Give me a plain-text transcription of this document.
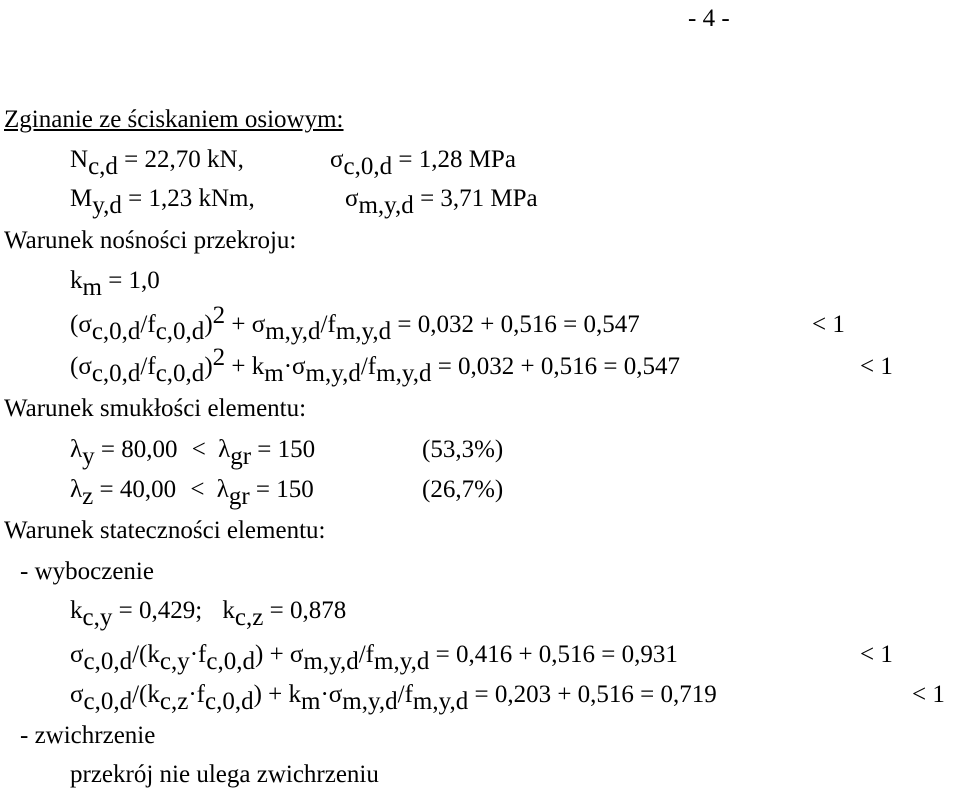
- 4 -
Zginanie ze ściskaniem osiowym:
$N_{c,d} = 22,70$ kN,	$\sigma_{c,0,d} = 1,28$ MPa
$M_{y,d} = 1,23$ kNm,	$\sigma_{m,y,d} = 3,71$ MPa
Warunek nośności przekroju:
$k_m = 1,0$
$(\sigma_{c,0,d}/f_{c,0,d})^2 + \sigma_{m,y,d}/f_{m,y,d} = 0,032 + 0,516 = 0,547$	< 1
$(\sigma_{c,0,d}/f_{c,0,d})^2 + k_m\cdot\sigma_{m,y,d}/f_{m,y,d} = 0,032 + 0,516 = 0,547$	< 1
Warunek smukłości elementu:
$\lambda_y = 80,00 < \lambda_{gr} = 150$	(53,3%)
$\lambda_z = 40,00 < \lambda_{gr} = 150$	(26,7%)
Warunek stateczności elementu:
- wyboczenie
$k_{c,y} = 0,429$; $k_{c,z} = 0,878$
$\sigma_{c,0,d}/(k_{c,y}\cdot f_{c,0,d}) + \sigma_{m,y,d}/f_{m,y,d} = 0,416 + 0,516 = 0,931$	< 1
$\sigma_{c,0,d}/(k_{c,z}\cdot f_{c,0,d}) + k_m\cdot\sigma_{m,y,d}/f_{m,y,d} = 0,203 + 0,516 = 0,719$	< 1
- zwichrzenie
przekrój nie ulega zwichrzeniu
